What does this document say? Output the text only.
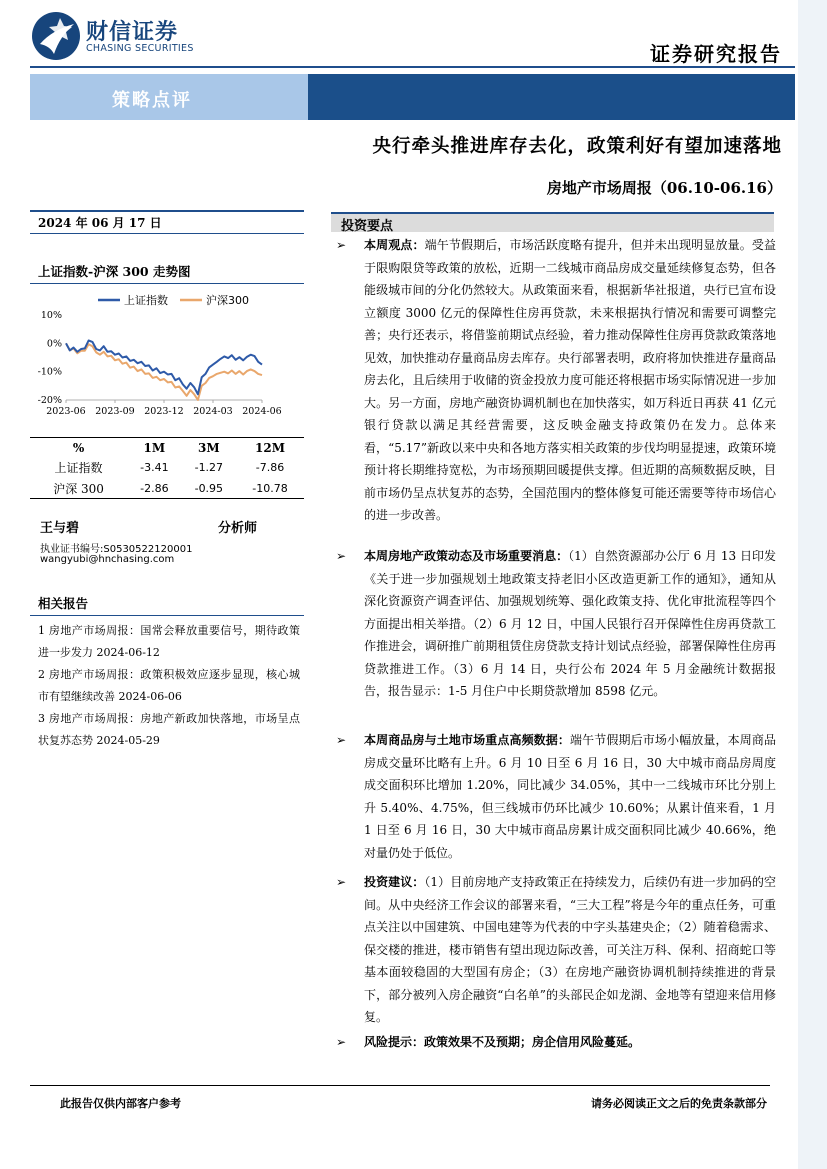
财信证券
CHASING SECURITIES	证券研究报告
策略点评
央行牵头推进库存去化，政策利好有望加速落地
房地产市场周报（06.10-06.16）
2024 年 06 月 17 日
上证指数-沪深 300 走势图
上证指数	沪深300
10%
0%
-10%
-20%
2023-06 2023-09 2023-12 2024-03 2024-06
%	1M	3M	12M
上证指数	-3.41	-1.27	-7.86
沪深 300	-2.86	-0.95	-10.78
王与碧	分析师
执业证书编号:S0530522120001
wangyubi@hnchasing.com
相关报告

1 房地产市场周报：国常会释放重要信号，期待政策进一步发力 2024-06-12

2 房地产市场周报：政策积极效应逐步显现，核心城市有望继续改善 2024-06-06

3 房地产市场周报：房地产新政加快落地，市场呈点状复苏态势 2024-05-29

投资要点
➢	本周观点：端午节假期后，市场活跃度略有提升，但并未出现明显放量。受益于限购限贷等政策的放松，近期一二线城市商品房成交量延续修复态势，但各能级城市间的分化仍然较大。从政策面来看，根据新华社报道，央行已宣布设立额度 3000 亿元的保障性住房再贷款，未来根据执行情况和需要可调整完善；央行还表示，将借鉴前期试点经验，着力推动保障性住房再贷款政策落地见效，加快推动存量商品房去库存。央行部署表明，政府将加快推进存量商品房去化，且后续用于收储的资金投放力度可能还将根据市场实际情况进一步加大。另一方面，房地产融资协调机制也在加快落实，如万科近日再获 41 亿元银行贷款以满足其经营需要，这反映金融支持政策仍在发力。总体来看，“5.17”新政以来中央和各地方落实相关政策的步伐均明显提速，政策环境预计将长期维持宽松，为市场预期回暖提供支撑。但近期的高频数据反映，目前市场仍呈点状复苏的态势，全国范围内的整体修复可能还需要等待市场信心的进一步改善。
➢	本周房地产政策动态及市场重要消息：（1）自然资源部办公厅 6 月 13 日印发《关于进一步加强规划土地政策支持老旧小区改造更新工作的通知》，通知从深化资源资产调查评估、加强规划统筹、强化政策支持、优化审批流程等四个方面提出相关举措。（2）6 月 12 日，中国人民银行召开保障性住房再贷款工作推进会，调研推广前期租赁住房贷款支持计划试点经验，部署保障性住房再贷款推进工作。（3）6 月 14 日，央行公布 2024 年 5 月金融统计数据报告，报告显示：1-5 月住户中长期贷款增加 8598 亿元。
➢	本周商品房与土地市场重点高频数据：端午节假期后市场小幅放量，本周商品房成交量环比略有上升。6 月 10 日至 6 月 16 日，30 大中城市商品房周度成交面积环比增加 1.20%，同比减少 34.05%，其中一二线城市环比分别上升 5.40%、4.75%，但三线城市仍环比减少 10.60%；从累计值来看，1 月 1 日至 6 月 16 日，30 大中城市商品房累计成交面积同比减少 40.66%，绝对量仍处于低位。
➢	投资建议：（1）目前房地产支持政策正在持续发力，后续仍有进一步加码的空间。从中央经济工作会议的部署来看，“三大工程”将是今年的重点任务，可重点关注以中国建筑、中国电建等为代表的中字头基建央企；（2）随着稳需求、保交楼的推进，楼市销售有望出现边际改善，可关注万科、保利、招商蛇口等基本面较稳固的大型国有房企；（3）在房地产融资协调机制持续推进的背景下，部分被列入房企融资“白名单”的头部民企如龙湖、金地等有望迎来信用修复。
➢	风险提示：政策效果不及预期；房企信用风险蔓延。
此报告仅供内部客户参考	请务必阅读正文之后的免责条款部分
